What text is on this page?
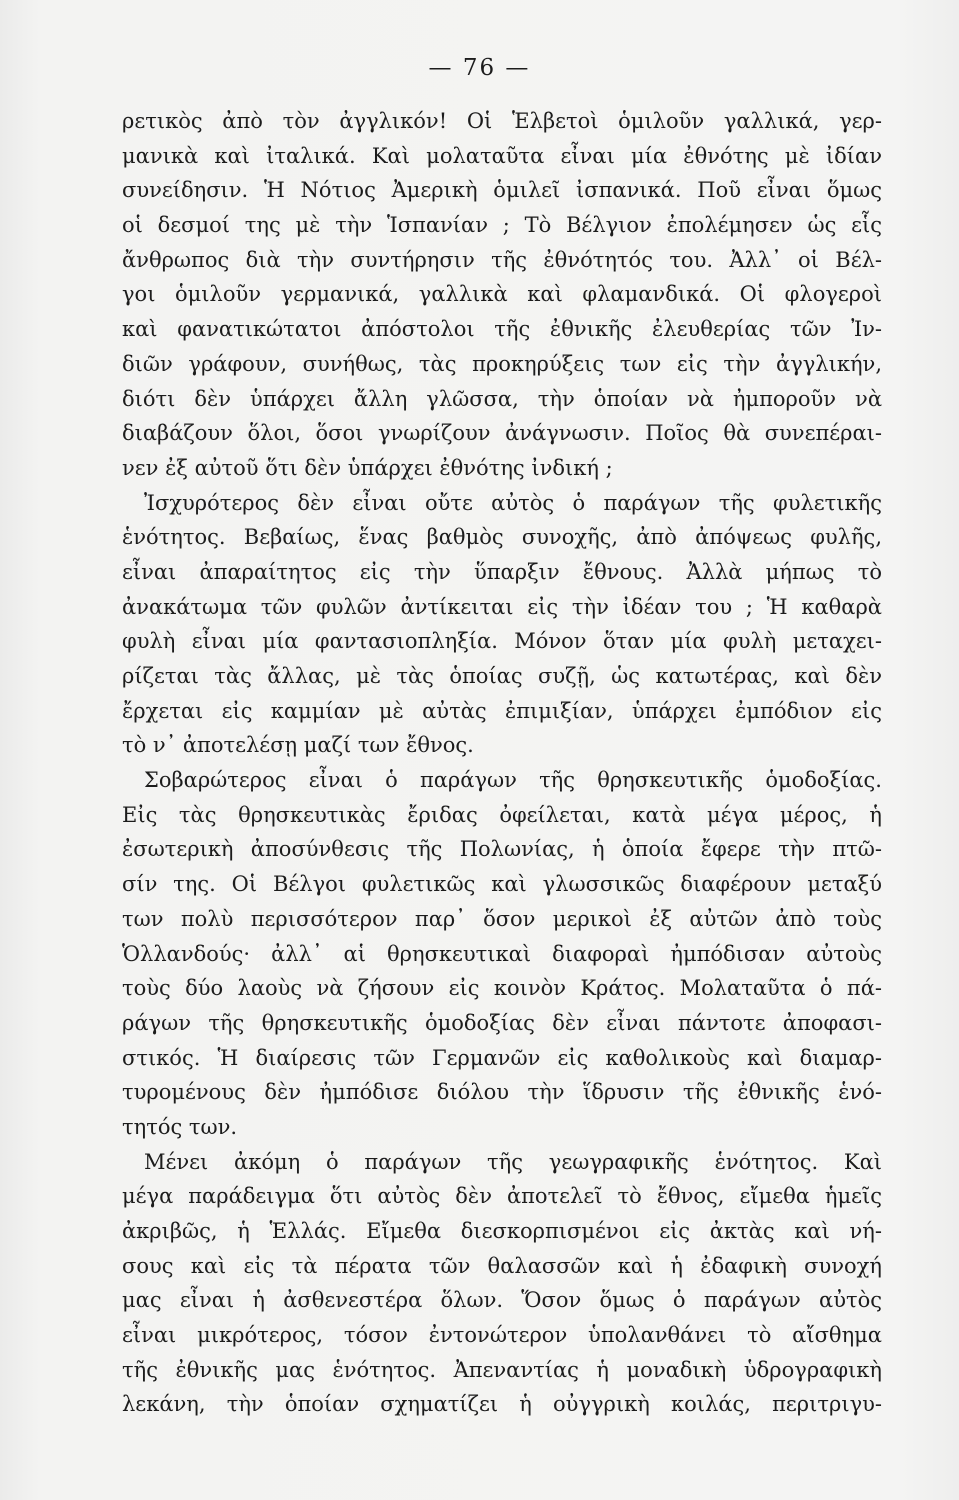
— 76 —
ρετικὸς ἀπὸ τὸν ἀγγλικόν! Οἱ Ἑλβετοὶ ὁμιλοῦν γαλλικά, γερ-
μανικὰ καὶ ἰταλικά. Καὶ μολαταῦτα εἶναι μία ἐθνότης μὲ ἰδίαν
συνείδησιν. Ἡ Νότιος Ἀμερικὴ ὁμιλεῖ ἰσπανικά. Ποῦ εἶναι ὅμως
οἱ δεσμοί της μὲ τὴν Ἱσπανίαν ; Τὸ Βέλγιον ἐπολέμησεν ὡς εἷς
ἄνθρωπος διὰ τὴν συντήρησιν τῆς ἐθνότητός του. Ἀλλ᾽ οἱ Βέλ-
γοι ὁμιλοῦν γερμανικά, γαλλικὰ καὶ φλαμανδικά. Οἱ φλογεροὶ
καὶ φανατικώτατοι ἀπόστολοι τῆς ἐθνικῆς ἐλευθερίας τῶν Ἰν-
διῶν γράφουν, συνήθως, τὰς προκηρύξεις των εἰς τὴν ἀγγλικήν,
διότι δὲν ὑπάρχει ἄλλη γλῶσσα, τὴν ὁποίαν νὰ ἠμποροῦν νὰ
διαβάζουν ὅλοι, ὅσοι γνωρίζουν ἀνάγνωσιν. Ποῖος θὰ συνεπέραι-
νεν ἐξ αὐτοῦ ὅτι δὲν ὑπάρχει ἐθνότης ἰνδική ;
Ἰσχυρότερος δὲν εἶναι οὔτε αὐτὸς ὁ παράγων τῆς φυλετικῆς
ἑνότητος. Βεβαίως, ἕνας βαθμὸς συνοχῆς, ἀπὸ ἀπόψεως φυλῆς,
εἶναι ἀπαραίτητος εἰς τὴν ὕπαρξιν ἔθνους. Ἀλλὰ μήπως τὸ
ἀνακάτωμα τῶν φυλῶν ἀντίκειται εἰς τὴν ἰδέαν του ; Ἡ καθαρὰ
φυλὴ εἶναι μία φαντασιοπληξία. Μόνον ὅταν μία φυλὴ μεταχει-
ρίζεται τὰς ἄλλας, μὲ τὰς ὁποίας συζῇ, ὡς κατωτέρας, καὶ δὲν
ἔρχεται εἰς καμμίαν μὲ αὐτὰς ἐπιμιξίαν, ὑπάρχει ἐμπόδιον εἰς
τὸ ν᾽ ἀποτελέσῃ μαζί των ἔθνος.
Σοβαρώτερος εἶναι ὁ παράγων τῆς θρησκευτικῆς ὁμοδοξίας.
Εἰς τὰς θρησκευτικὰς ἔριδας ὀφείλεται, κατὰ μέγα μέρος, ἡ
ἐσωτερικὴ ἀποσύνθεσις τῆς Πολωνίας, ἡ ὁποία ἔφερε τὴν πτῶ-
σίν της. Οἱ Βέλγοι φυλετικῶς καὶ γλωσσικῶς διαφέρουν μεταξύ
των πολὺ περισσότερον παρ᾽ ὅσον μερικοὶ ἐξ αὐτῶν ἀπὸ τοὺς
Ὁλλανδούς· ἀλλ᾽ αἱ θρησκευτικαὶ διαφοραὶ ἠμπόδισαν αὐτοὺς
τοὺς δύο λαοὺς νὰ ζήσουν εἰς κοινὸν Κράτος. Μολαταῦτα ὁ πά-
ράγων τῆς θρησκευτικῆς ὁμοδοξίας δὲν εἶναι πάντοτε ἀποφασι-
στικός. Ἡ διαίρεσις τῶν Γερμανῶν εἰς καθολικοὺς καὶ διαμαρ-
τυρομένους δὲν ἠμπόδισε διόλου τὴν ἵδρυσιν τῆς ἐθνικῆς ἑνό-
τητός των.
Μένει ἀκόμη ὁ παράγων τῆς γεωγραφικῆς ἑνότητος. Καὶ
μέγα παράδειγμα ὅτι αὐτὸς δὲν ἀποτελεῖ τὸ ἔθνος, εἴμεθα ἡμεῖς
ἀκριβῶς, ἡ Ἑλλάς. Εἴμεθα διεσκορπισμένοι εἰς ἀκτὰς καὶ νή-
σους καὶ εἰς τὰ πέρατα τῶν θαλασσῶν καὶ ἡ ἐδαφικὴ συνοχή
μας εἶναι ἡ ἀσθενεστέρα ὅλων. Ὅσον ὅμως ὁ παράγων αὐτὸς
εἶναι μικρότερος, τόσον ἐντονώτερον ὑπολανθάνει τὸ αἴσθημα
τῆς ἐθνικῆς μας ἑνότητος. Ἀπεναντίας ἡ μοναδικὴ ὑδρογραφικὴ
λεκάνη, τὴν ὁποίαν σχηματίζει ἡ οὐγγρικὴ κοιλάς, περιτριγυ-
